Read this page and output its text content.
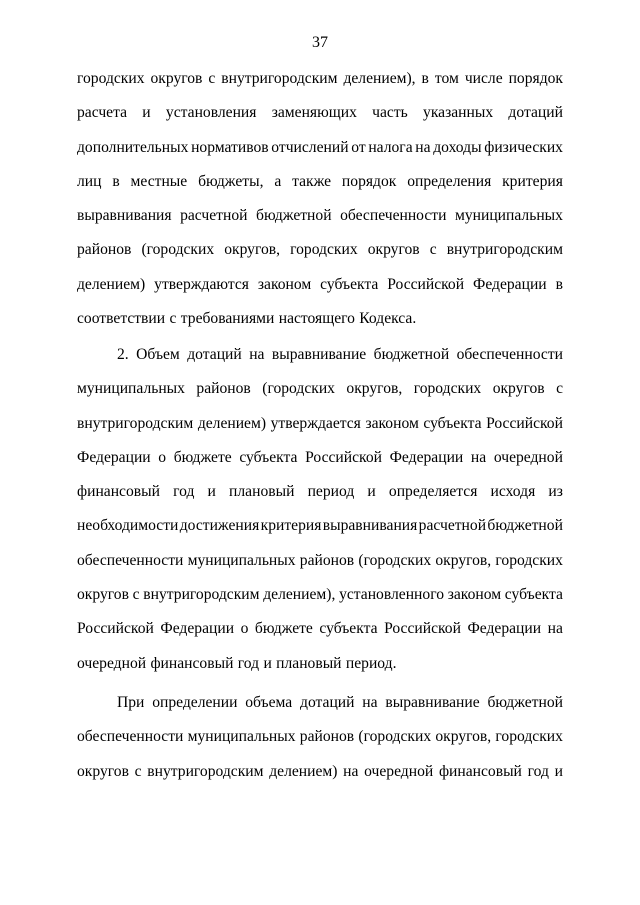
37
городских округов с внутригородским делением), в том числе порядок
расчета и установления заменяющих часть указанных дотаций
дополнительных нормативов отчислений от налога на доходы физических
лиц в местные бюджеты, а также порядок определения критерия
выравнивания расчетной бюджетной обеспеченности муниципальных
районов (городских округов, городских округов с внутригородским
делением) утверждаются законом субъекта Российской Федерации в
соответствии с требованиями настоящего Кодекса.
2. Объем дотаций на выравнивание бюджетной обеспеченности
муниципальных районов (городских округов, городских округов с
внутригородским делением) утверждается законом субъекта Российской
Федерации о бюджете субъекта Российской Федерации на очередной
финансовый год и плановый период и определяется исходя из
необходимости достижения критерия выравнивания расчетной бюджетной
обеспеченности муниципальных районов (городских округов, городских
округов с внутригородским делением), установленного законом субъекта
Российской Федерации о бюджете субъекта Российской Федерации на
очередной финансовый год и плановый период.
При определении объема дотаций на выравнивание бюджетной
обеспеченности муниципальных районов (городских округов, городских
округов с внутригородским делением) на очередной финансовый год и
